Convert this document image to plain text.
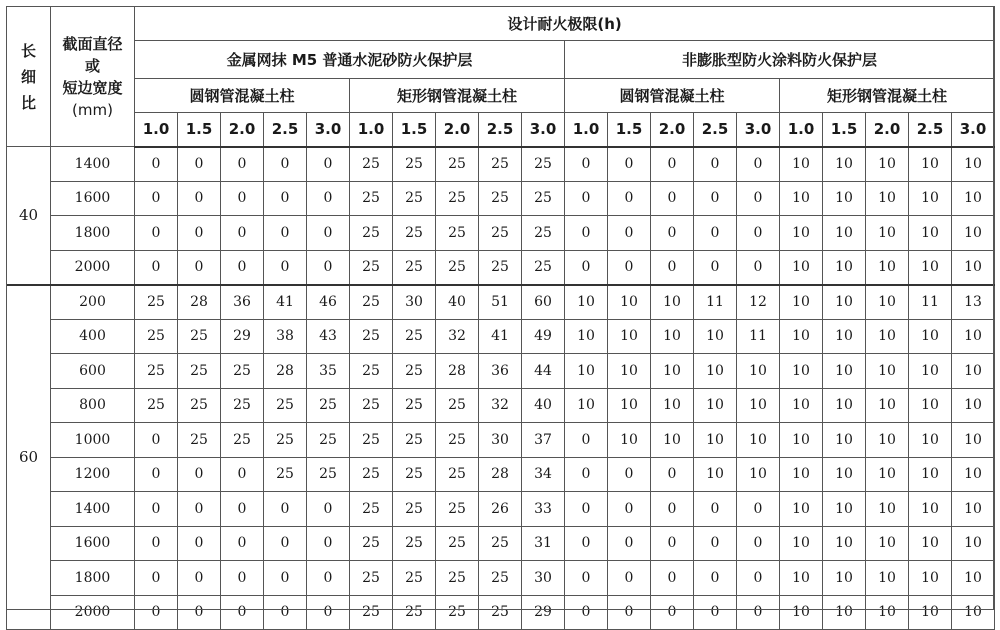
长细比	截面直径
或
短边宽度
(mm)	设计耐火极限(h)																			
		金属网抹 M5 普通水泥砂防火保护层										非膨胀型防火涂料防火保护层									
		圆钢管混凝土柱					矩形钢管混凝土柱					圆钢管混凝土柱					矩形钢管混凝土柱				
		1.0	1.5	2.0	2.5	3.0	1.0	1.5	2.0	2.5	3.0	1.0	1.5	2.0	2.5	3.0	1.0	1.5	2.0	2.5	3.0
40	1400	0	0	0	0	0	25	25	25	25	25	0	0	0	0	0	10	10	10	10	10
	1600	0	0	0	0	0	25	25	25	25	25	0	0	0	0	0	10	10	10	10	10
	1800	0	0	0	0	0	25	25	25	25	25	0	0	0	0	0	10	10	10	10	10
	2000	0	0	0	0	0	25	25	25	25	25	0	0	0	0	0	10	10	10	10	10
60	200	25	28	36	41	46	25	30	40	51	60	10	10	10	11	12	10	10	10	11	13
	400	25	25	29	38	43	25	25	32	41	49	10	10	10	10	11	10	10	10	10	10
	600	25	25	25	28	35	25	25	28	36	44	10	10	10	10	10	10	10	10	10	10
	800	25	25	25	25	25	25	25	25	32	40	10	10	10	10	10	10	10	10	10	10
	1000	0	25	25	25	25	25	25	25	30	37	0	10	10	10	10	10	10	10	10	10
	1200	0	0	0	25	25	25	25	25	28	34	0	0	0	10	10	10	10	10	10	10
	1400	0	0	0	0	0	25	25	25	26	33	0	0	0	0	0	10	10	10	10	10
	1600	0	0	0	0	0	25	25	25	25	31	0	0	0	0	0	10	10	10	10	10
	1800	0	0	0	0	0	25	25	25	25	30	0	0	0	0	0	10	10	10	10	10
	2000	0	0	0	0	0	25	25	25	25	29	0	0	0	0	0	10	10	10	10	10
